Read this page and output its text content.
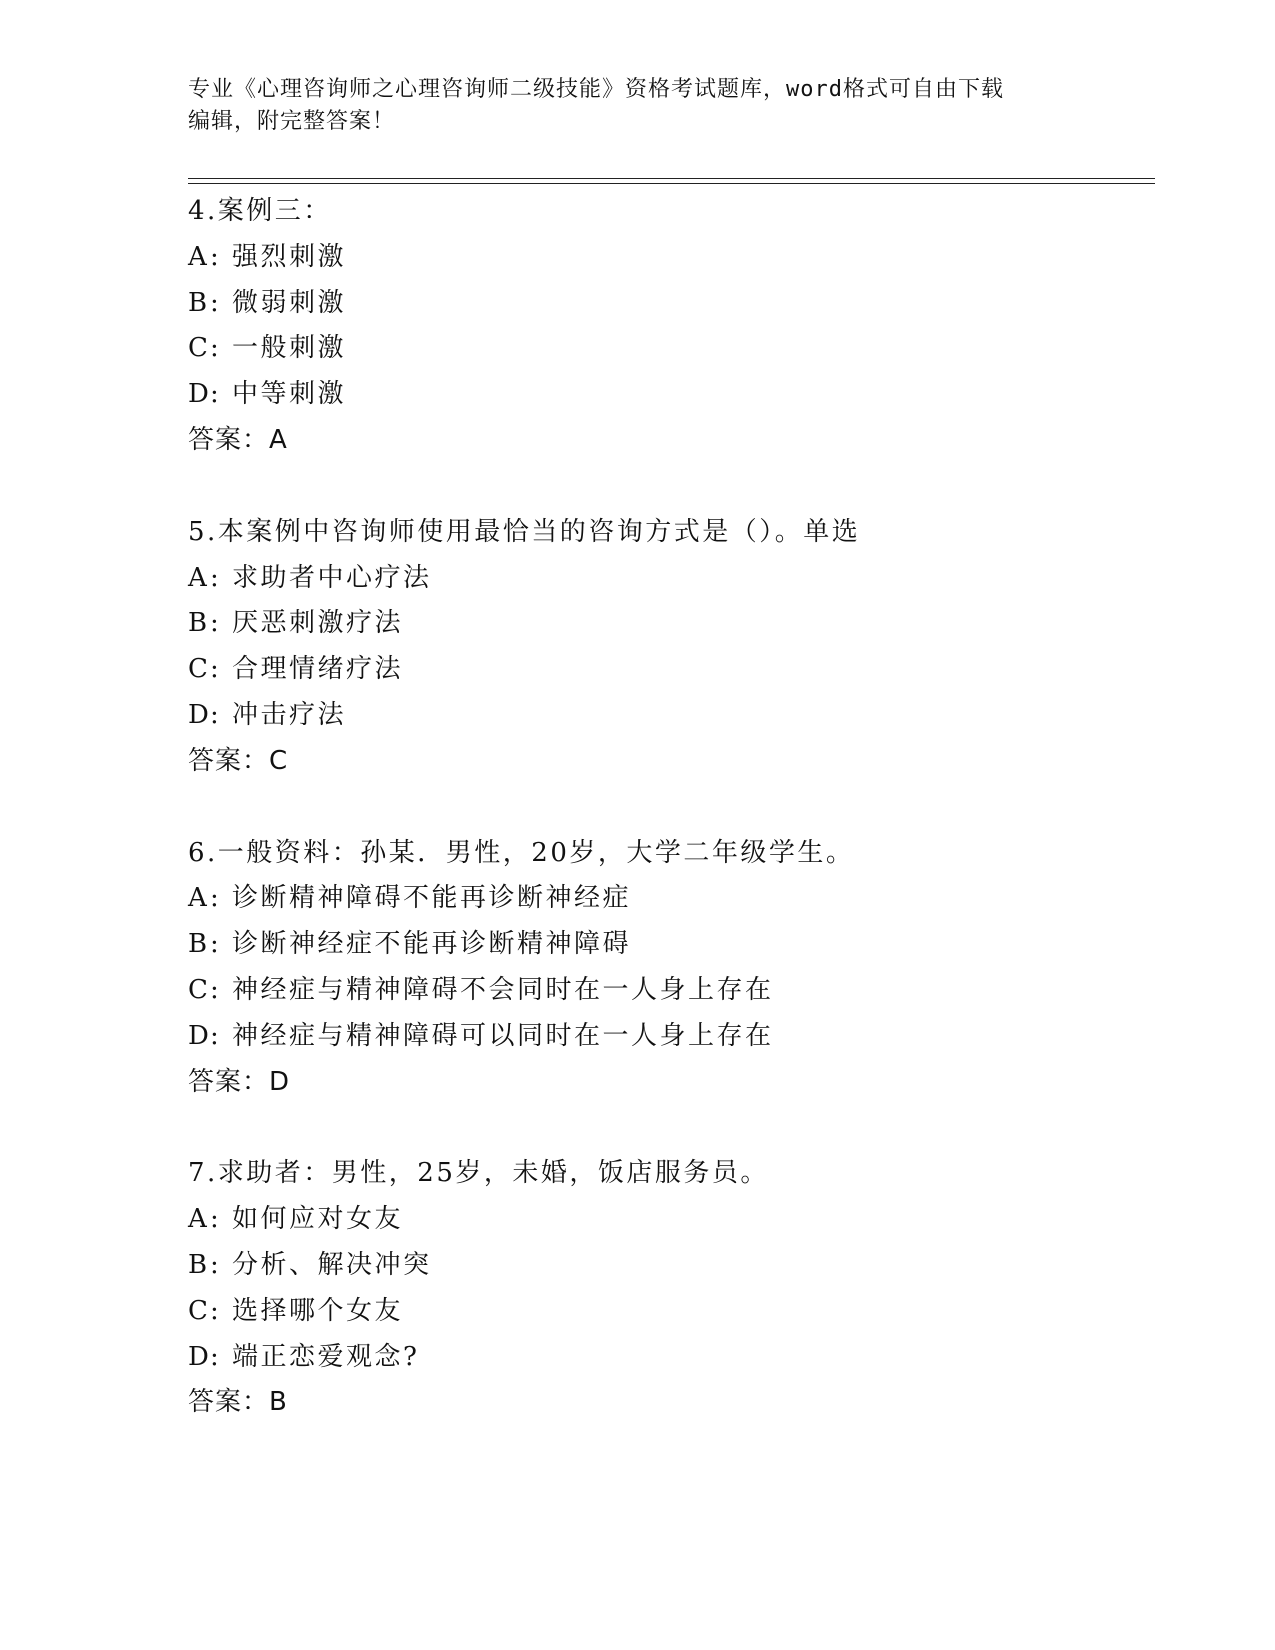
专业《心理咨询师之心理咨询师二级技能》资格考试题库，word格式可自由下载
编辑，附完整答案！
4.案例三：
A: 强烈刺激
B: 微弱刺激
C: 一般刺激
D: 中等刺激
答案：A
5.本案例中咨询师使用最恰当的咨询方式是（）。单选
A: 求助者中心疗法
B: 厌恶刺激疗法
C: 合理情绪疗法
D: 冲击疗法
答案：C
6.一般资料：孙某．男性，20岁，大学二年级学生。
A: 诊断精神障碍不能再诊断神经症
B: 诊断神经症不能再诊断精神障碍
C: 神经症与精神障碍不会同时在一人身上存在
D: 神经症与精神障碍可以同时在一人身上存在
答案：D
7.求助者：男性，25岁，未婚，饭店服务员。
A: 如何应对女友
B: 分析、解决冲突
C: 选择哪个女友
D: 端正恋爱观念?
答案：B
